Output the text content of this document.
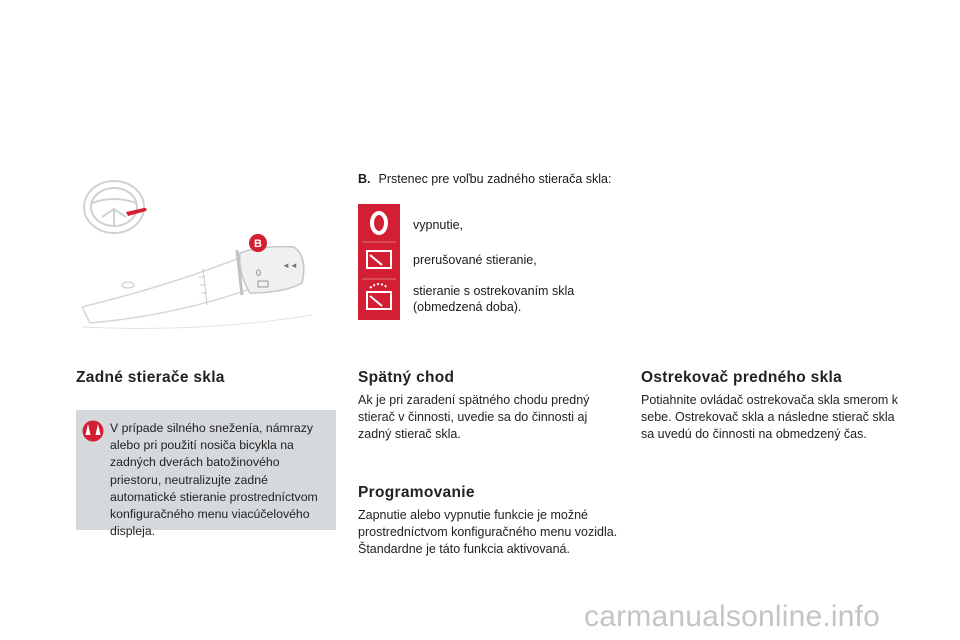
0
◄◄
B
B. Prstenec pre voľbu zadného stierača skla:
vypnutie,
prerušované stieranie,
stieranie s ostrekovaním skla (obmedzená doba).
Zadné stierače skla
V prípade silného sneženía, námrazy alebo pri použití nosiča bicykla na zadných dverách batožinového priestoru, neutralizujte zadné automatické stieranie prostredníctvom konfiguračného menu viacúčelového displeja.
Spätný chod
Ak je pri zaradení spätného chodu predný stierač v činnosti, uvedie sa do činnosti aj zadný stierač skla.
Programovanie
Zapnutie alebo vypnutie funkcie je možné prostredníctvom konfiguračného menu vozidla. Štandardne je táto funkcia aktivovaná.
Ostrekovač predného skla
Potiahnite ovládač ostrekovača skla smerom k sebe. Ostrekovač skla a následne stierač skla sa uvedú do činnosti na obmedzený čas.
carmanualsonline.info
